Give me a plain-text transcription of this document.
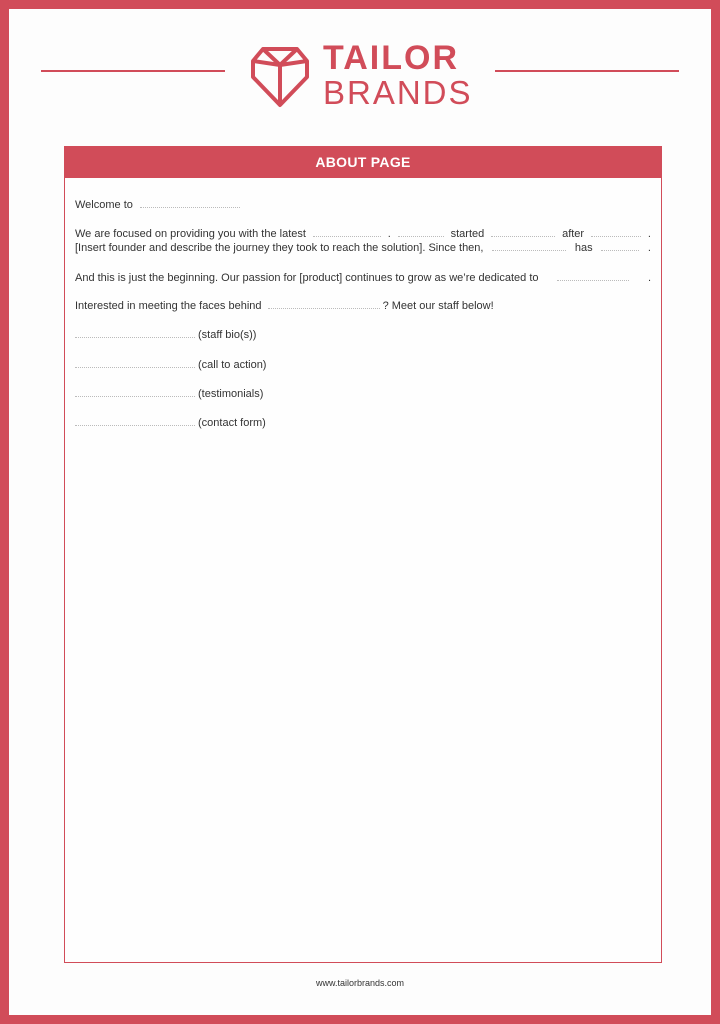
TAILOR
BRANDS
ABOUT PAGE
Welcome to
We are focused on providing you with the latest	.	started	after	.
[Insert founder and describe the journey they took to reach the solution]. Since then,	has	.
And this is just the beginning. Our passion for [product] continues to grow as we’re dedicated to	.
Interested in meeting the faces behind	? Meet our staff below!
(staff bio(s))
(call to action)
(testimonials)
(contact form)
www.tailorbrands.com
